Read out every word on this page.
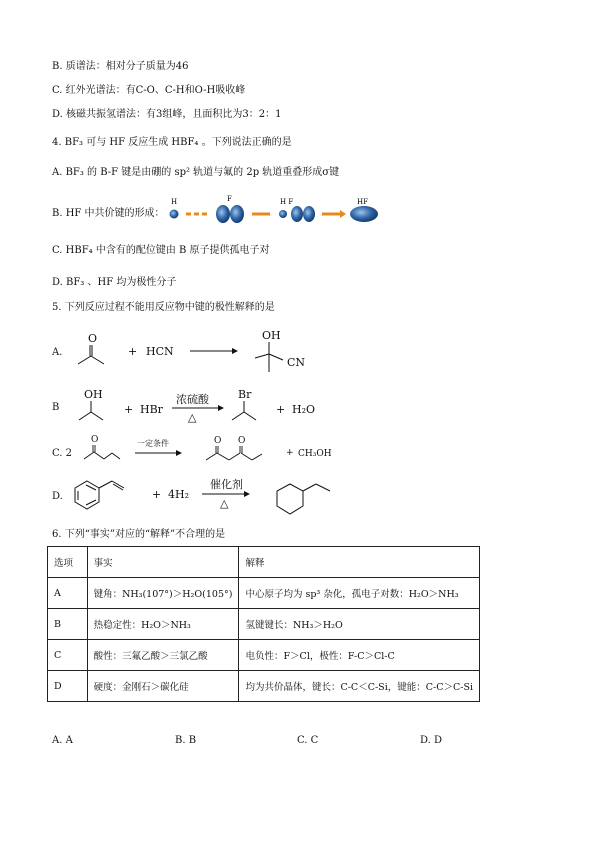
B. 质谱法：相对分子质量为46
C. 红外光谱法：有C-O、C-H和O-H吸收峰
D. 核磁共振氢谱法：有3组峰，且面积比为3：2：1
4. BF₃ 可与 HF 反应生成 HBF₄ 。下列说法正确的是
A. BF₃ 的 B-F 键是由硼的 sp² 轨道与氟的 2p 轨道重叠形成σ键
B. HF 中共价键的形成：
C. HBF₄ 中含有的配位键由 B 原子提供孤电子对
D. BF₃ 、HF 均为极性分子
5. 下列反应过程不能用反应物中键的极性解释的是
6. 下列“事实”对应的“解释”不合理的是
H	F	H F	HF
A.
O
+ HCN
OH
CN
B
OH
+ HBr
浓硫酸
△
Br
+ H₂O
C. 2
O	一定条件	O O
+ CH₃OH
D.	+ 4H₂
催化剂
△
选项	事实	解释
A	键角：NH₃(107°)＞H₂O(105°)	中心原子均为 sp³ 杂化，孤电子对数：H₂O＞NH₃
B	热稳定性：H₂O＞NH₃	氢键键长：NH₃＞H₂O
C	酸性：三氟乙酸＞三氯乙酸	电负性：F＞Cl，极性：F-C＞Cl-C
D	硬度：金刚石＞碳化硅	均为共价晶体，键长：C-C＜C-Si，键能：C-C＞C-Si
A. A	B. B	C. C	D. D
